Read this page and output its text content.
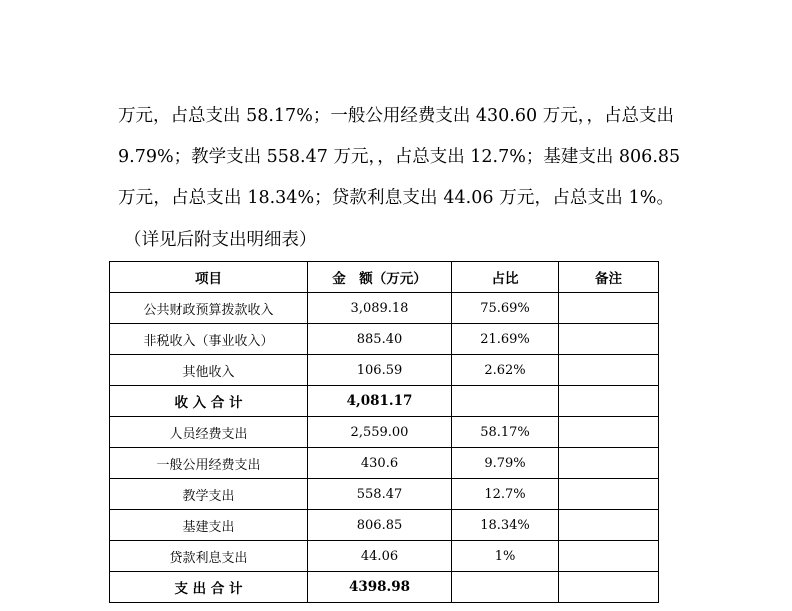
万元，占总支出 58.17%；一般公用经费支出 430.60 万元，，占总支出
9.79%；教学支出 558.47 万元，，占总支出 12.7%；基建支出 806.85
万元，占总支出 18.34%；贷款利息支出 44.06 万元，占总支出 1%。
（详见后附支出明细表）
项目	金　额（万元）	占比	备注
公共财政预算拨款收入	3,089.18	75.69%	
非税收入（事业收入）	885.40	21.69%	
其他收入	106.59	2.62%	
收 入 合 计	4,081.17		
人员经费支出	2,559.00	58.17%	
一般公用经费支出	430.6	9.79%	
教学支出	558.47	12.7%	
基建支出	806.85	18.34%	
贷款利息支出	44.06	1%	
支 出 合 计	4398.98		
